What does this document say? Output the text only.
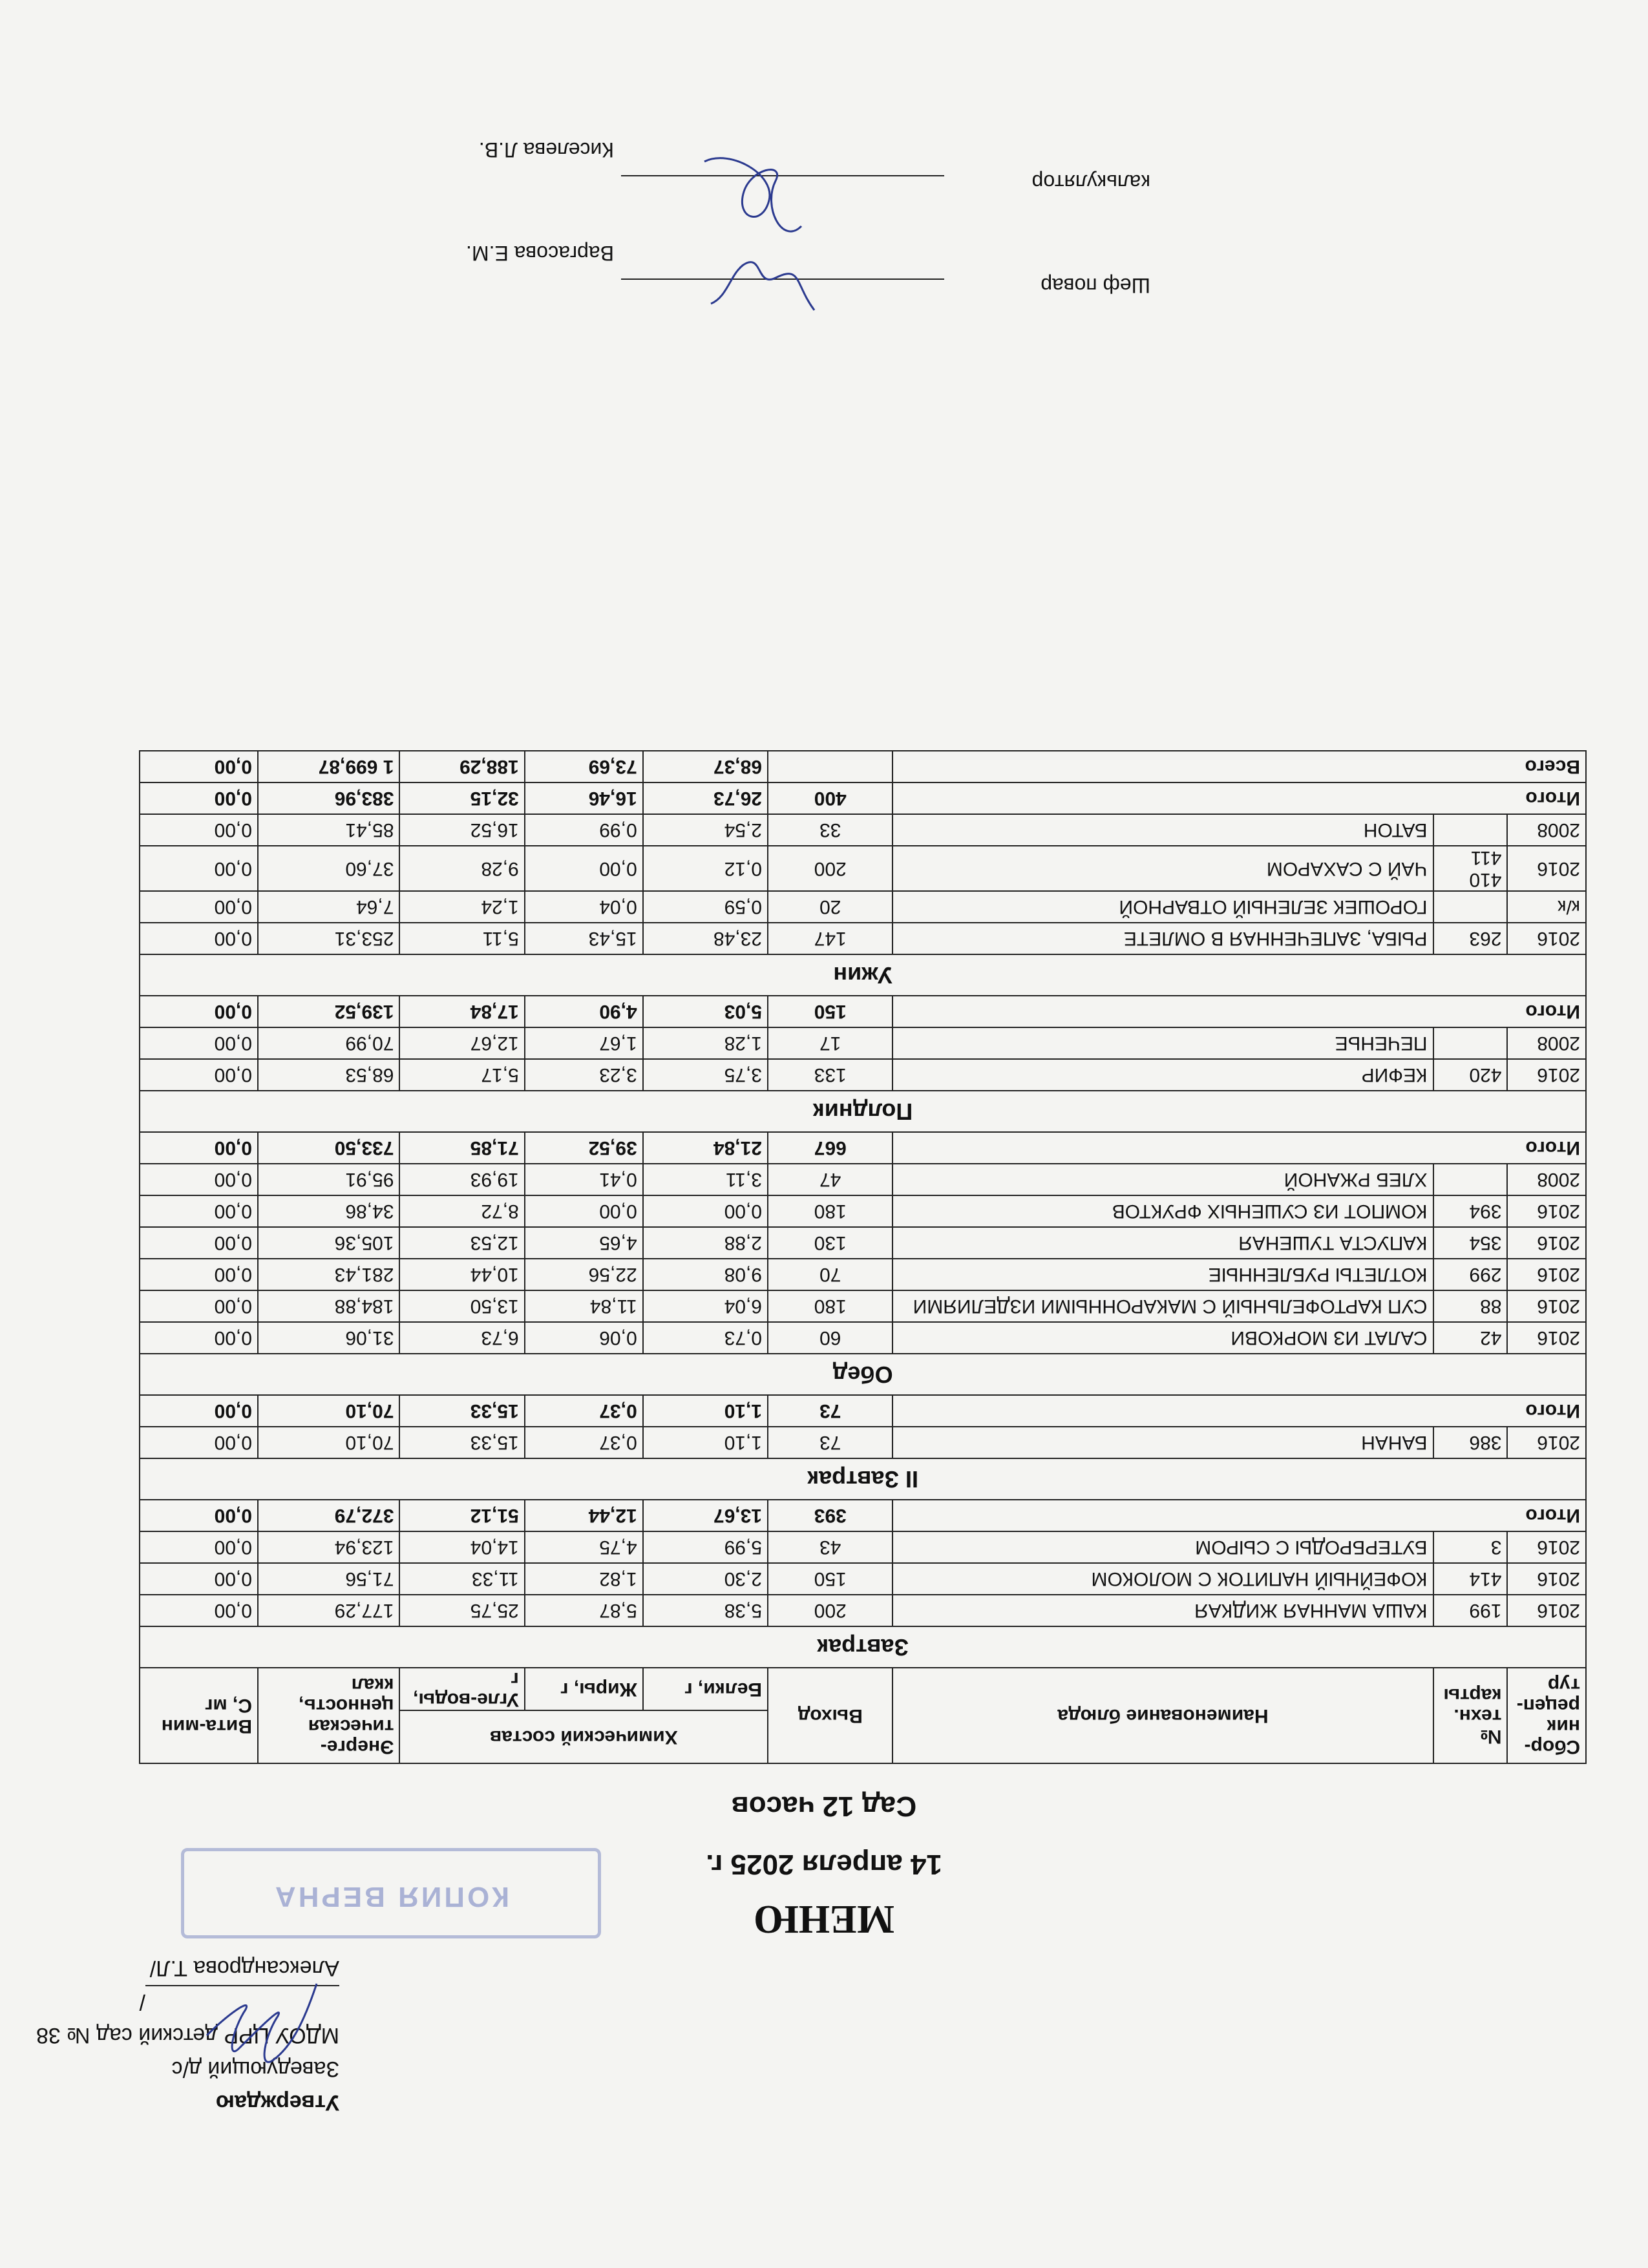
Утверждаю
Заведующий д/с
МДОУ ЦРР детский сад № 38
/Александрова Т.Л/
КОПИЯ ВЕРНА
МЕНЮ
14 апреля 2025 г.
Сад 12 часов
Сбор-ник рецеп-тур	№ техн. карты	Наименование блюда	Выход	Химический состав			Энерге-тическая ценность, ккал	Вита-мин С, мг
				Белки, г	Жиры, г	Угле-воды, г		
Завтрак								
2016	199	КАША МАННАЯ ЖИДКАЯ	200	5,38	5,87	25,75	177,29	0,00
2016	414	КОФЕЙНЫЙ НАПИТОК С МОЛОКОМ	150	2,30	1,82	11,33	71,56	0,00
2016	3	БУТЕРБРОДЫ С СЫРОМ	43	5,99	4,75	14,04	123,94	0,00
Итого			393	13,67	12,44	51,12	372,79	0,00
II Завтрак								
2016	386	БАНАН	73	1,10	0,37	15,33	70,10	0,00
Итого			73	1,10	0,37	15,33	70,10	0,00
Обед								
2016	42	САЛАТ ИЗ МОРКОВИ	60	0,73	0,06	6,73	31,06	0,00
2016	88	СУП КАРТОФЕЛЬНЫЙ С МАКАРОННЫМИ ИЗДЕЛИЯМИ	180	6,04	11,84	13,50	184,88	0,00
2016	299	КОТЛЕТЫ РУБЛЕННЫЕ	70	9,08	22,56	10,44	281,43	0,00
2016	354	КАПУСТА ТУШЕНАЯ	130	2,88	4,65	12,53	105,36	0,00
2016	394	КОМПОТ ИЗ СУШЕНЫХ ФРУКТОВ	180	0,00	0,00	8,72	34,86	0,00
2008		ХЛЕБ РЖАНОЙ	47	3,11	0,41	19,93	95,91	0,00
Итого			667	21,84	39,52	71,85	733,50	0,00
Полдник								
2016	420	КЕФИР	133	3,75	3,23	5,17	68,53	0,00
2008		ПЕЧЕНЬЕ	17	1,28	1,67	12,67	70,99	0,00
Итого			150	5,03	4,90	17,84	139,52	0,00
Ужин								
2016	263	РЫБА, ЗАПЕЧЕННАЯ В ОМЛЕТЕ	147	23,48	15,43	5,11	253,31	0,00
к/к		ГОРОШЕК ЗЕЛЕНЫЙ ОТВАРНОЙ	20	0,59	0,04	1,24	7,64	0,00
2016	410 411	ЧАЙ С САХАРОМ	200	0,12	0,00	9,28	37,60	0,00
2008		БАТОН	33	2,54	0,99	16,52	85,41	0,00
Итого			400	26,73	16,46	32,15	383,96	0,00
Всего				68,37	73,69	188,29	1 699,87	0,00
Шеф повар
Варгасова Е.М.
калькулятор
Киселева Л.В.
